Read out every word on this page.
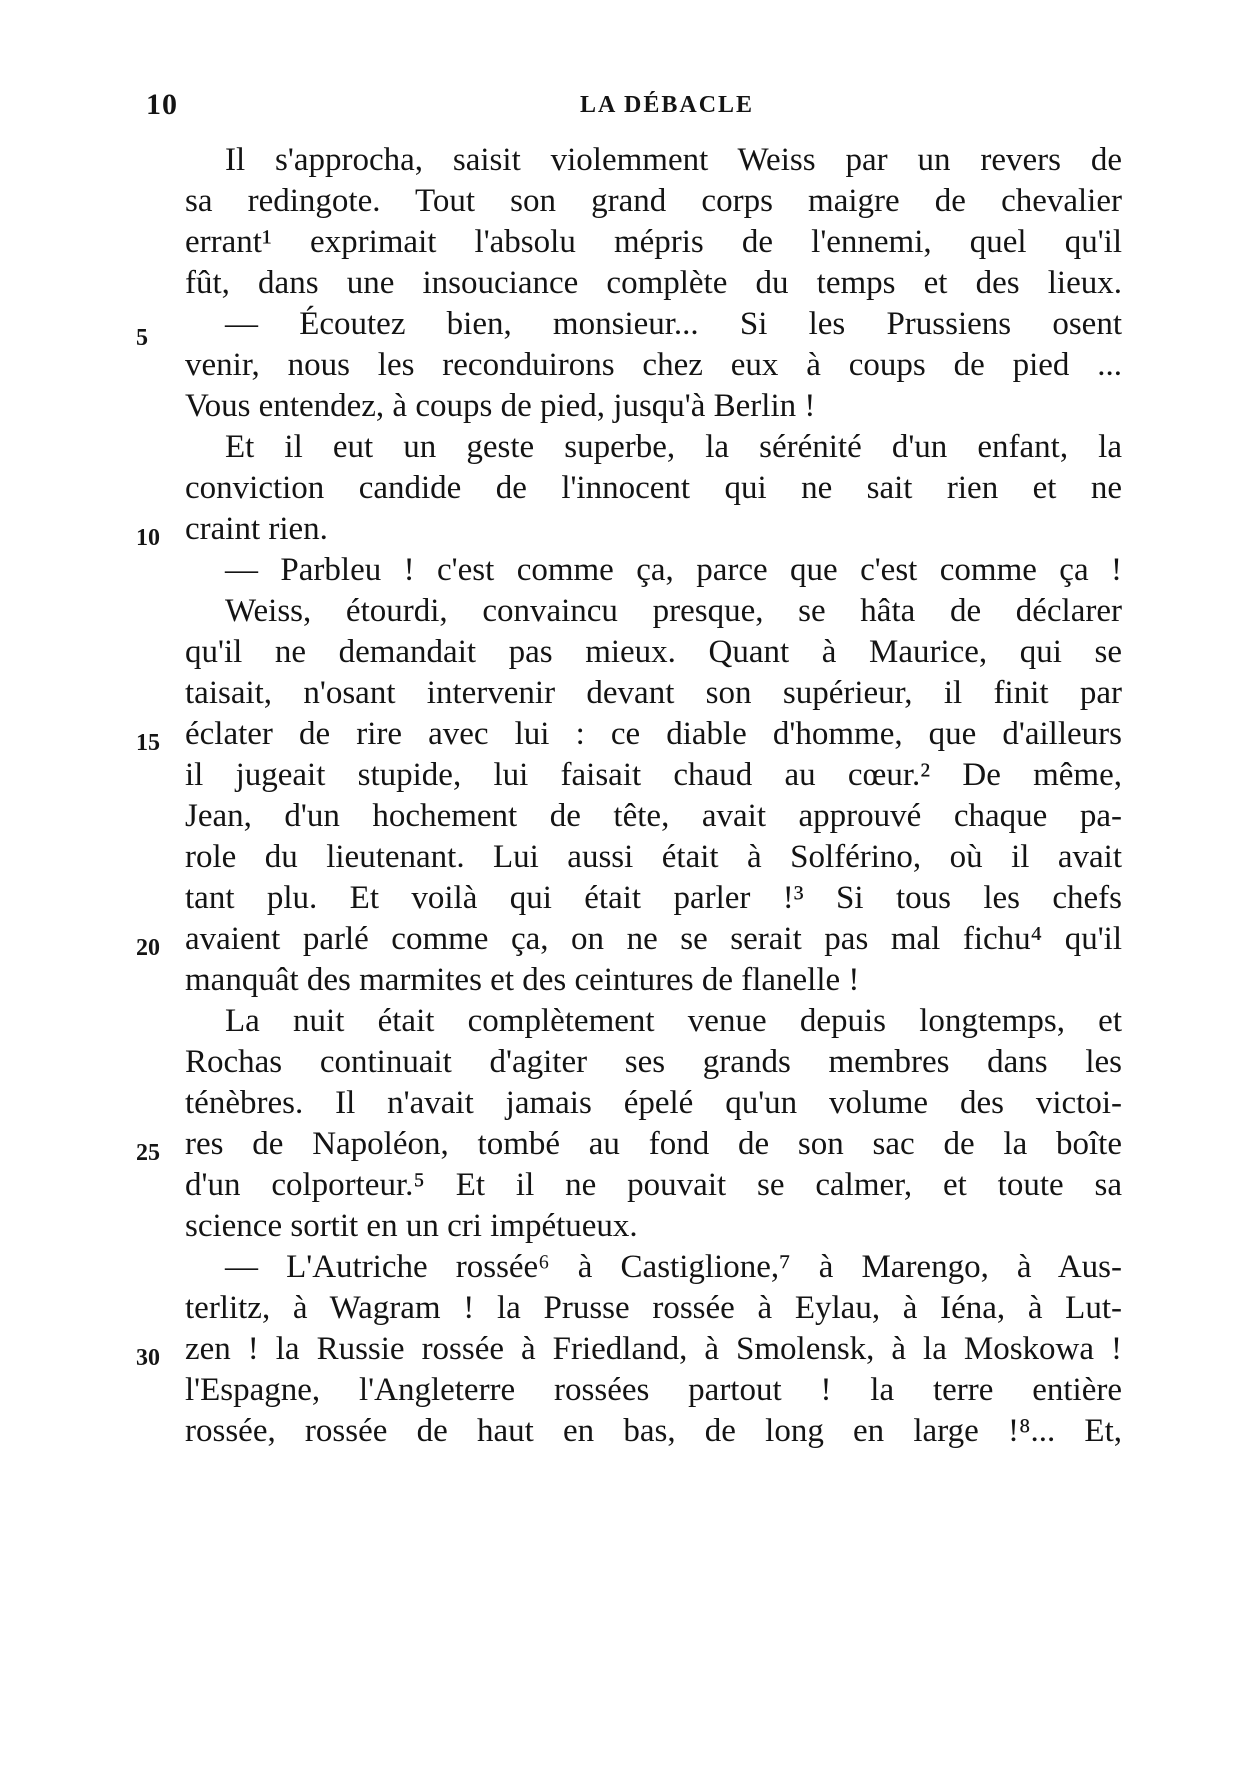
10	LA DÉBACLE
5
10
15
20
25
30
Il s'approcha, saisit violemment Weiss par un revers de
sa redingote. Tout son grand corps maigre de chevalier
errant¹ exprimait l'absolu mépris de l'ennemi, quel qu'il
fût, dans une insouciance complète du temps et des lieux.
— Écoutez bien, monsieur... Si les Prussiens osent
venir, nous les reconduirons chez eux à coups de pied ...
Vous entendez, à coups de pied, jusqu'à Berlin !
Et il eut un geste superbe, la sérénité d'un enfant, la
conviction candide de l'innocent qui ne sait rien et ne
craint rien.
— Parbleu ! c'est comme ça, parce que c'est comme ça !
Weiss, étourdi, convaincu presque, se hâta de déclarer
qu'il ne demandait pas mieux. Quant à Maurice, qui se
taisait, n'osant intervenir devant son supérieur, il finit par
éclater de rire avec lui : ce diable d'homme, que d'ailleurs
il jugeait stupide, lui faisait chaud au cœur.² De même,
Jean, d'un hochement de tête, avait approuvé chaque pa-
role du lieutenant. Lui aussi était à Solférino, où il avait
tant plu. Et voilà qui était parler !³ Si tous les chefs
avaient parlé comme ça, on ne se serait pas mal fichu⁴ qu'il
manquât des marmites et des ceintures de flanelle !
La nuit était complètement venue depuis longtemps, et
Rochas continuait d'agiter ses grands membres dans les
ténèbres. Il n'avait jamais épelé qu'un volume des victoi-
res de Napoléon, tombé au fond de son sac de la boîte
d'un colporteur.⁵ Et il ne pouvait se calmer, et toute sa
science sortit en un cri impétueux.
— L'Autriche rossée⁶ à Castiglione,⁷ à Marengo, à Aus-
terlitz, à Wagram ! la Prusse rossée à Eylau, à Iéna, à Lut-
zen ! la Russie rossée à Friedland, à Smolensk, à la Moskowa !
l'Espagne, l'Angleterre rossées partout ! la terre entière
rossée, rossée de haut en bas, de long en large !⁸... Et,
